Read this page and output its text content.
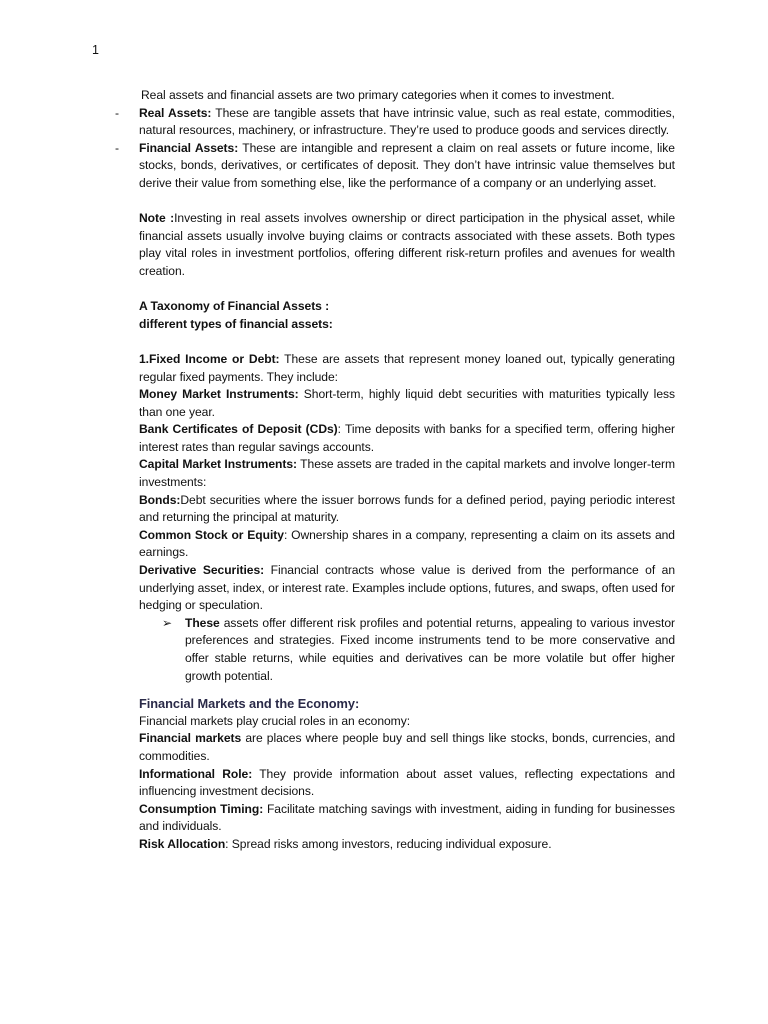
1

Real assets and financial assets are two primary categories when it comes to investment.

- Real Assets: These are tangible assets that have intrinsic value, such as real estate, commodities, natural resources, machinery, or infrastructure. They’re used to produce goods and services directly.

- Financial Assets: These are intangible and represent a claim on real assets or future income, like stocks, bonds, derivatives, or certificates of deposit. They don’t have intrinsic value themselves but derive their value from something else, like the performance of a company or an underlying asset.

Note :Investing in real assets involves ownership or direct participation in the physical asset, while financial assets usually involve buying claims or contracts associated with these assets. Both types play vital roles in investment portfolios, offering different risk-return profiles and avenues for wealth creation.

A Taxonomy of Financial Assets :

different types of financial assets:

1.Fixed Income or Debt: These are assets that represent money loaned out, typically generating regular fixed payments. They include:

Money Market Instruments: Short-term, highly liquid debt securities with maturities typically less than one year.

Bank Certificates of Deposit (CDs): Time deposits with banks for a specified term, offering higher interest rates than regular savings accounts.

Capital Market Instruments: These assets are traded in the capital markets and involve longer-term investments:

Bonds:Debt securities where the issuer borrows funds for a defined period, paying periodic interest and returning the principal at maturity.

Common Stock or Equity: Ownership shares in a company, representing a claim on its assets and earnings.

Derivative Securities: Financial contracts whose value is derived from the performance of an underlying asset, index, or interest rate. Examples include options, futures, and swaps, often used for hedging or speculation.

➢ These assets offer different risk profiles and potential returns, appealing to various investor preferences and strategies. Fixed income instruments tend to be more conservative and offer stable returns, while equities and derivatives can be more volatile but offer higher growth potential.

Financial Markets and the Economy:

Financial markets play crucial roles in an economy:

Financial markets are places where people buy and sell things like stocks, bonds, currencies, and commodities.

Informational Role: They provide information about asset values, reflecting expectations and influencing investment decisions.

Consumption Timing: Facilitate matching savings with investment, aiding in funding for businesses and individuals.

Risk Allocation: Spread risks among investors, reducing individual exposure.
